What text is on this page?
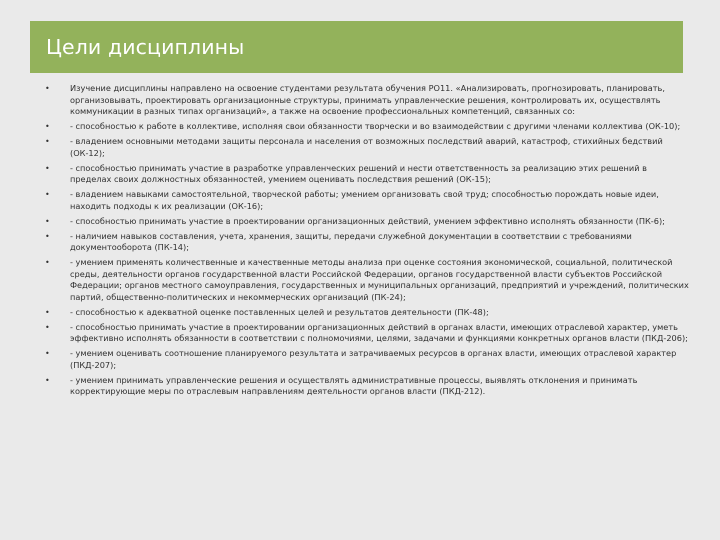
Цели дисциплины
• Изучение дисциплины направлено на освоение студентами результата обучения РО11. «Анализировать, прогнозировать, планировать, организовывать, проектировать организационные структуры, принимать управленческие решения, контролировать их, осуществлять коммуникации в разных типах организаций», а также на освоение профессиональных компетенций, связанных со:
• - способностью к работе в коллективе, исполняя свои обязанности творчески и во взаимодействии с другими членами коллектива (ОК-10);
• - владением основными методами защиты персонала и населения от возможных последствий аварий, катастроф, стихийных бедствий (ОК-12);
• - способностью принимать участие в разработке управленческих решений и нести ответственность за реализацию этих решений в пределах своих должностных обязанностей, умением оценивать последствия решений (ОК-15);
• - владением навыками самостоятельной, творческой работы; умением организовать свой труд; способностью порождать новые идеи, находить подходы к их реализации (ОК-16);
• - способностью принимать участие в проектировании организационных действий, умением эффективно исполнять обязанности (ПК-6);
• - наличием навыков составления, учета, хранения, защиты, передачи служебной документации в соответствии с требованиями документооборота (ПК-14);
• - умением применять количественные и качественные методы анализа при оценке состояния экономической, социальной, политической среды, деятельности органов государственной власти Российской Федерации, органов государственной власти субъектов Российской Федерации; органов местного самоуправления, государственных и муниципальных организаций, предприятий и учреждений, политических партий, общественно-политических и некоммерческих организаций (ПК-24);
• - способностью к адекватной оценке поставленных целей и результатов деятельности (ПК-48);
• - способностью принимать участие в проектировании организационных действий в органах власти, имеющих отраслевой характер, уметь эффективно исполнять обязанности в соответствии с полномочиями, целями, задачами и функциями конкретных органов власти (ПКД-206);
• - умением оценивать соотношение планируемого результата и затрачиваемых ресурсов в органах власти, имеющих отраслевой характер (ПКД-207);
• - умением принимать управленческие решения и осуществлять административные процессы, выявлять отклонения и принимать корректирующие меры по отраслевым направлениям деятельности органов власти (ПКД-212).
